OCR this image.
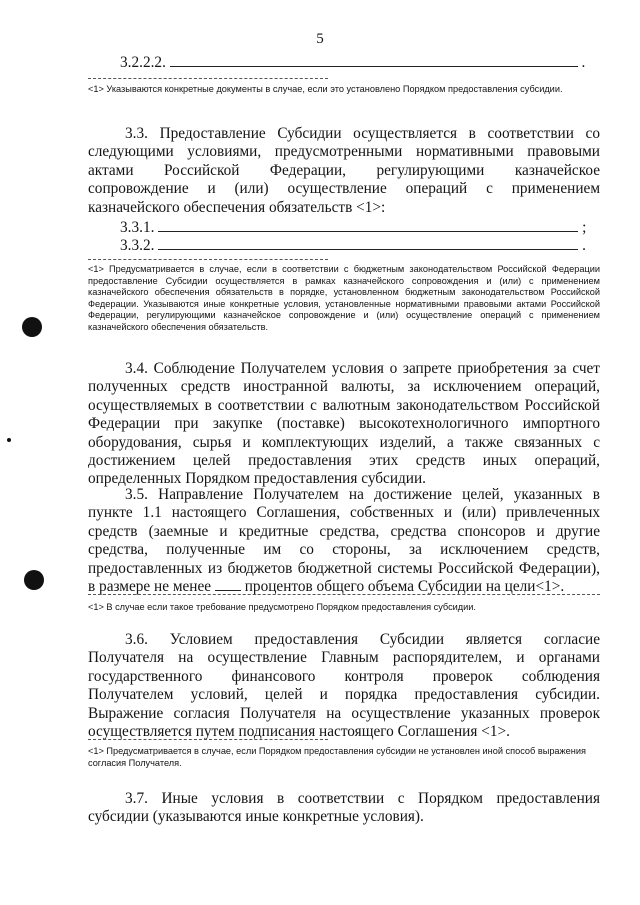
5
3.2.2.2.	.
<1> Указываются конкретные документы в случае, если это установлено Порядком предоставления субсидии.
3.3. Предоставление Субсидии осуществляется в соответствии со
следующими условиями, предусмотренными нормативными правовыми
актами Российской Федерации, регулирующими казначейское
сопровождение и (или) осуществление операций с применением
казначейского обеспечения обязательств <1>:
3.3.1.	;
3.3.2.	.
<1> Предусматривается в случае, если в соответствии с бюджетным законодательством Российской Федерации предоставление Субсидии осуществляется в рамках казначейского сопровождения и (или) с применением казначейского обеспечения обязательств в порядке, установленном бюджетным законодательством Российской Федерации. Указываются иные конкретные условия, установленные нормативными правовыми актами Российской Федерации, регулирующими казначейское сопровождение и (или) осуществление операций с применением казначейского обеспечения обязательств.
3.4. Соблюдение Получателем условия о запрете приобретения за счет
полученных средств иностранной валюты, за исключением операций,
осуществляемых в соответствии с валютным законодательством Российской
Федерации при закупке (поставке) высокотехнологичного импортного
оборудования, сырья и комплектующих изделий, а также связанных с
достижением целей предоставления этих средств иных операций,
определенных Порядком предоставления субсидии.
3.5. Направление Получателем на достижение целей, указанных в
пункте 1.1 настоящего Соглашения, собственных и (или) привлеченных
средств (заемные и кредитные средства, средства спонсоров и другие
средства, полученные им со стороны, за исключением средств,
предоставленных из бюджетов бюджетной системы Российской Федерации),
в размере не менее  процентов общего объема Субсидии на цели<1>.
<1> В случае если такое требование предусмотрено Порядком предоставления субсидии.
3.6. Условием предоставления Субсидии является согласие
Получателя на осуществление Главным распорядителем, и органами
государственного финансового контроля проверок соблюдения
Получателем условий, целей и порядка предоставления субсидии.
Выражение согласия Получателя на осуществление указанных проверок
осуществляется путем подписания настоящего Соглашения <1>.
<1> Предусматривается в случае, если Порядком предоставления субсидии не установлен иной способ выражения согласия Получателя.
3.7. Иные условия в соответствии с Порядком предоставления
субсидии (указываются иные конкретные условия).
